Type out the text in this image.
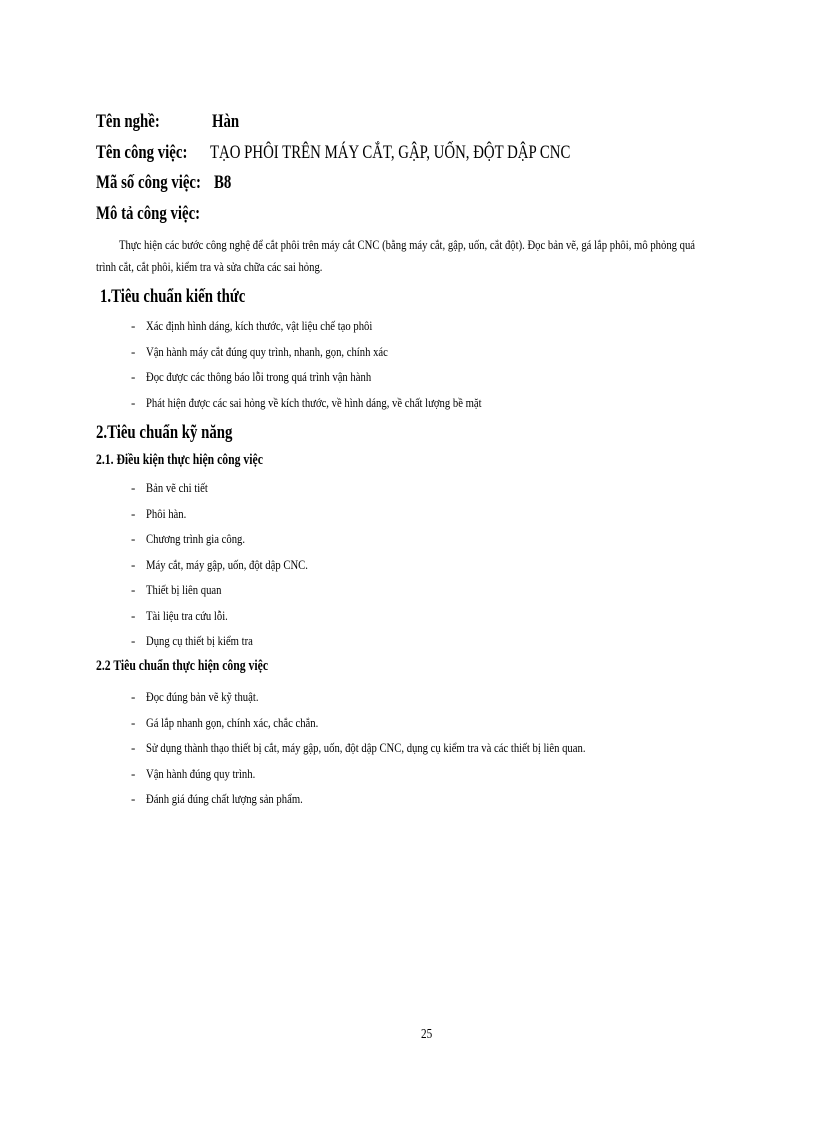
Tên nghề:	Hàn
Tên công việc: TẠO PHÔI TRÊN MÁY CẮT, GẬP, UỐN, ĐỘT DẬP CNC
Mã số công việc: B8
Mô tả công việc:
Thực hiện các bước công nghệ để cắt phôi trên máy cắt CNC (bằng máy cắt, gập, uốn, cắt đột). Đọc bản vẽ, gá lắp phôi, mô phỏng quá
trình cắt, cắt phôi, kiểm tra và sửa chữa các sai hỏng.
1.Tiêu chuẩn kiến thức
- Xác định hình dáng, kích thước, vật liệu chế tạo phôi
- Vận hành máy cắt đúng quy trình, nhanh, gọn, chính xác
- Đọc được các thông báo lỗi trong quá trình vận hành
- Phát hiện được các sai hỏng về kích thước, về hình dáng, về chất lượng bề mặt
2.Tiêu chuẩn kỹ năng
2.1. Điều kiện thực hiện công việc
- Bản vẽ chi tiết
- Phôi hàn.
- Chương trình gia công.
- Máy cắt, máy gập, uốn, đột dập CNC.
- Thiết bị liên quan
- Tài liệu tra cứu lỗi.
- Dụng cụ thiết bị kiểm tra
2.2 Tiêu chuẩn thực hiện công việc
- Đọc đúng bản vẽ kỹ thuật.
- Gá lắp nhanh gọn, chính xác, chắc chắn.
- Sử dụng thành thạo thiết bị cắt, máy gập, uốn, đột dập CNC, dụng cụ kiểm tra và các thiết bị liên quan.
- Vận hành đúng quy trình.
- Đánh giá đúng chất lượng sản phẩm.
25
